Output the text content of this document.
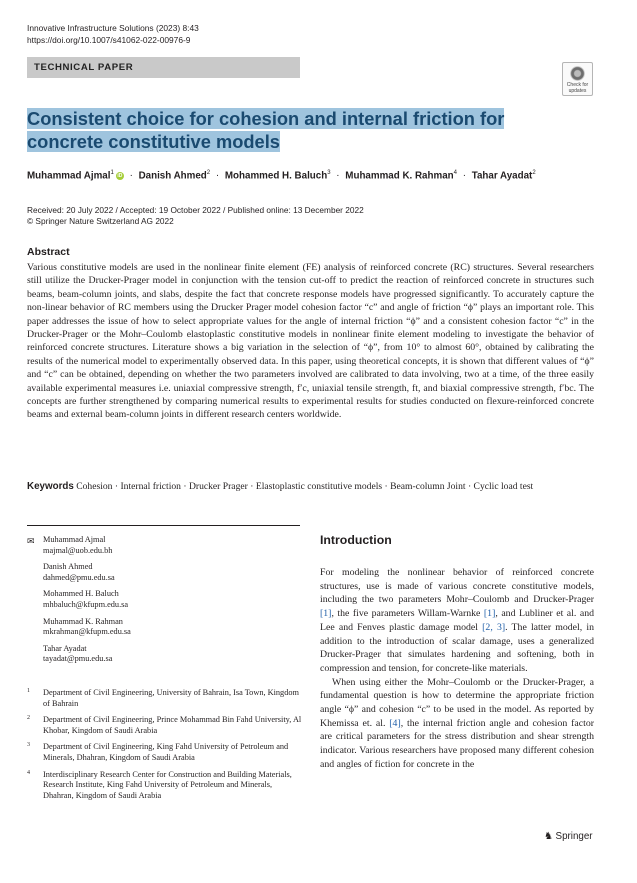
Innovative Infrastructure Solutions (2023) 8:43
https://doi.org/10.1007/s41062-022-00976-9
TECHNICAL PAPER
Check for updates
Consistent choice for cohesion and internal friction for concrete constitutive models
Muhammad Ajmal$^1$iD · Danish Ahmed$^2$ · Mohammed H. Baluch$^3$ · Muhammad K. Rahman$^4$ · Tahar Ayadat$^2$
Received: 20 July 2022 / Accepted: 19 October 2022 / Published online: 13 December 2022
© Springer Nature Switzerland AG 2022
Abstract
Various constitutive models are used in the nonlinear finite element (FE) analysis of reinforced concrete (RC) structures. Several researchers still utilize the Drucker-Prager model in conjunction with the tension cut-off to predict the reaction of reinforced concrete in structures such beams, beam-column joints, and slabs, despite the fact that concrete response models have progressed significantly. To accurately capture the non-linear behavior of RC members using the Drucker Prager model cohesion factor “c” and angle of friction “ϕ” plays an important role. This paper addresses the issue of how to select appropriate values for the angle of internal friction “ϕ” and a consistent cohesion factor “c” in the Drucker-Prager or the Mohr–Coulomb elastoplastic constitutive models in nonlinear finite element modeling to investigate the behavior of reinforced concrete structures. Literature shows a big variation in the selection of “ϕ”, from 10° to almost 60°, obtained by calibrating the results of the numerical model to experimentally observed data. In this paper, using theoretical concepts, it is shown that different values of “ϕ” and “c” can be obtained, depending on whether the two parameters involved are calibrated to data involving, two at a time, of the three easily available experimental measures i.e. uniaxial compressive strength, f′c, uniaxial tensile strength, ft, and biaxial compressive strength, f′bc. The concepts are further strengthened by comparing numerical results to experimental results for studies conducted on flexure-reinforced concrete beams and external beam-column joints in different research centers worldwide.
Keywords Cohesion · Internal friction · Drucker Prager · Elastoplastic constitutive models · Beam-column Joint · Cyclic load test
✉ Muhammad Ajmal
majmal@uob.edu.bh
Danish Ahmed
dahmed@pmu.edu.sa
Mohammed H. Baluch
mhbaluch@kfupm.edu.sa
Muhammad K. Rahman
mkrahman@kfupm.edu.sa
Tahar Ayadat
tayadat@pmu.edu.sa
1 Department of Civil Engineering, University of Bahrain, Isa Town, Kingdom of Bahrain
2 Department of Civil Engineering, Prince Mohammad Bin Fahd University, Al Khobar, Kingdom of Saudi Arabia
3 Department of Civil Engineering, King Fahd University of Petroleum and Minerals, Dhahran, Kingdom of Saudi Arabia
4 Interdisciplinary Research Center for Construction and Building Materials, Research Institute, King Fahd University of Petroleum and Minerals, Dhahran, Kingdom of Saudi Arabia
Introduction

For modeling the nonlinear behavior of reinforced concrete structures, use is made of various concrete constitutive models, including the two parameters Mohr–Coulomb and Drucker-Prager [1], the five parameters Willam-Warnke [1], and Lubliner et al. and Lee and Fenves plastic damage model [2, 3]. The latter model, in addition to the introduction of scalar damage, uses a generalized Drucker-Prager that simulates hardening and softening, both in compression and tension, for concrete-like materials.

When using either the Mohr–Coulomb or the Drucker-Prager, a fundamental question is how to determine the appropriate friction angle “ϕ” and cohesion “c” to be used in the model. As reported by Khemissa et. al. [4], the internal friction angle and cohesion factor are critical parameters for the stress distribution and shear strength indicator. Various researchers have proposed many different cohesion and angles of fiction for concrete in the

♞ Springer
